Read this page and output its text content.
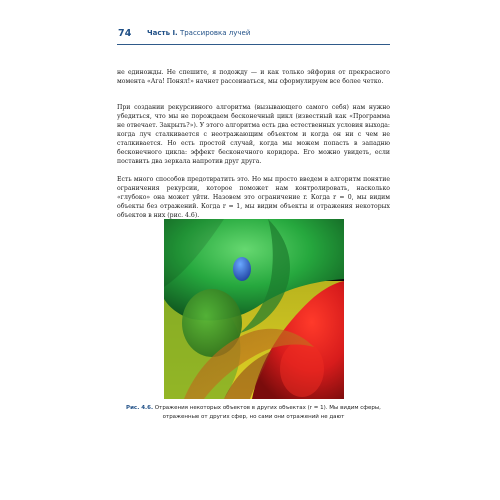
74 Часть I. Трассировка лучей

не единожды. Не спешите, я подожду — и как только эйфория от прекрасного момента «Ага! Понял!» начнет рассеиваться, мы сформулируем все более четко.

При создании рекурсивного алгоритма (вызывающего самого себя) нам нужно убедиться, что мы не порождаем бесконечный цикл (известный как «Программа не отвечает. Закрыть?»). У этого алгоритма есть два естественных условия выхода: когда луч сталкивается с неотражающим объектом и когда он ни с чем не сталкивается. Но есть простой случай, когда мы можем попасть в западню бесконечного цикла: эффект бесконечного коридора. Его можно увидеть, если поставить два зеркала напротив друг друга.

Есть много способов предотвратить это. Но мы просто введем в алгоритм понятие ограничения рекурсии, которое поможет нам контролировать, насколько «глубоко» она может уйти. Назовем это ограничение r. Когда r = 0, мы видим объекты без отражений. Когда r = 1, мы видим объекты и отражения некоторых объектов в них (рис. 4.6).

Рис. 4.6. Отражения некоторых объектов в других объектах (r = 1). Мы видим сферы, отраженные от других сфер, но сами они отражений не дают
